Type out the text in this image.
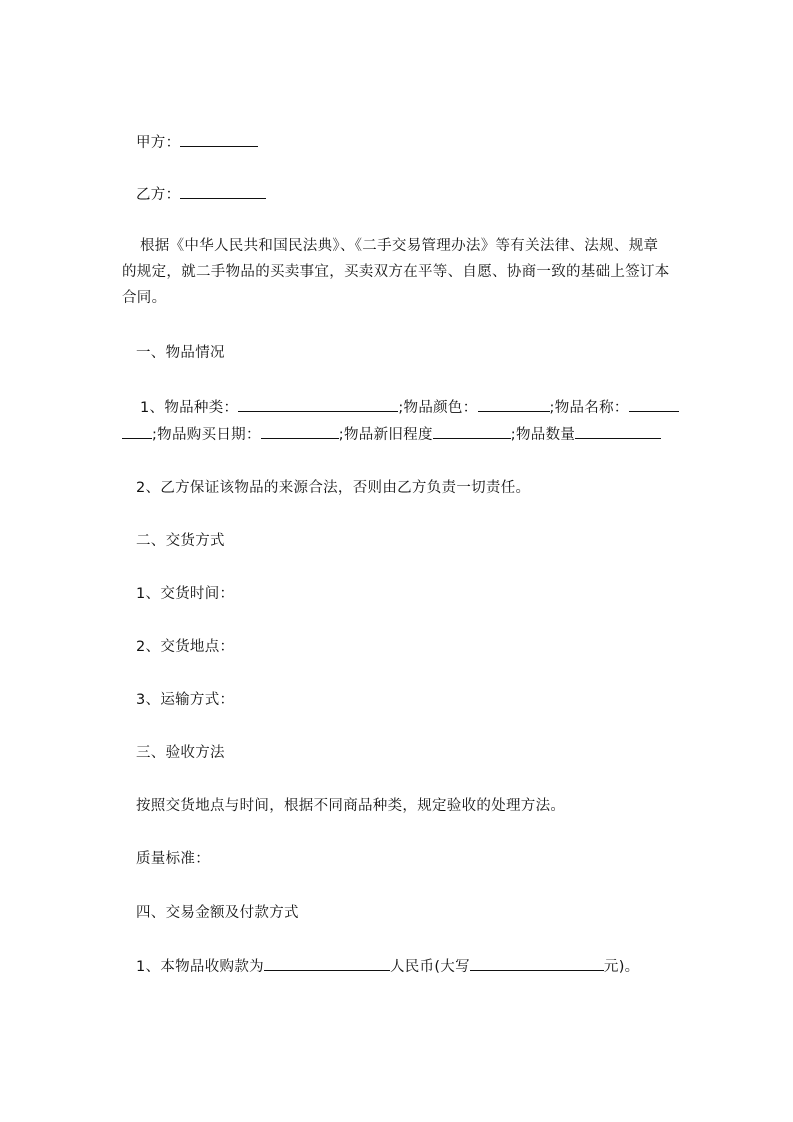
甲方：
乙方：
根据《中华人民共和国民法典》、《二手交易管理办法》等有关法律、法规、规章
的规定，就二手物品的买卖事宜，买卖双方在平等、自愿、协商一致的基础上签订本
合同。
一、物品情况
1、物品种类：	;物品颜色：	;物品名称：
;物品购买日期：	;物品新旧程度	;物品数量
2、乙方保证该物品的来源合法，否则由乙方负责一切责任。
二、交货方式
1、交货时间：
2、交货地点：
3、运输方式：
三、验收方法
按照交货地点与时间，根据不同商品种类，规定验收的处理方法。
质量标准：
四、交易金额及付款方式
1、本物品收购款为	人民币(大写	元)。
